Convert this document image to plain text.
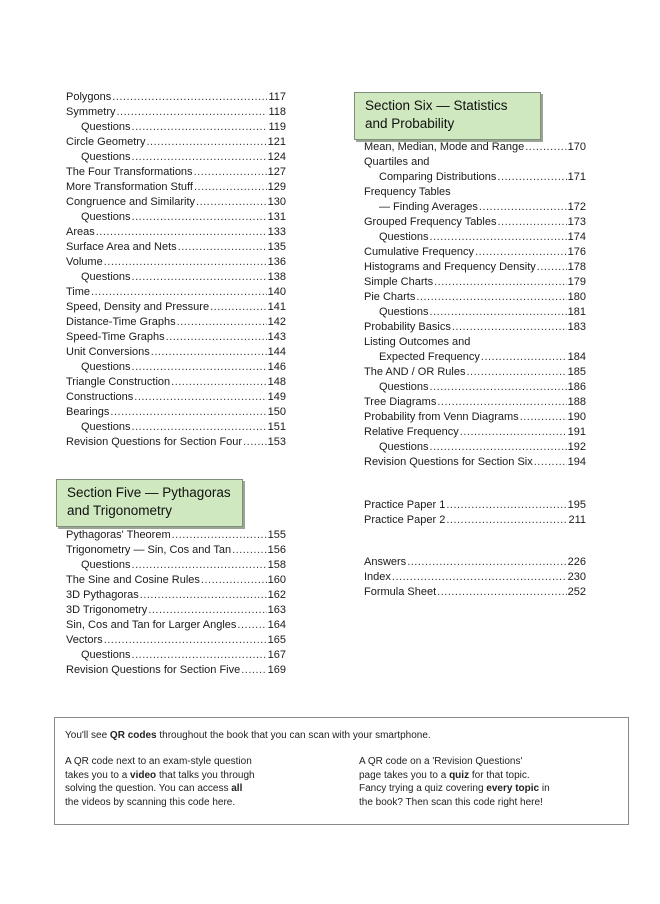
Polygons .....	117
Symmetry .....	118
Questions .....	119
Circle Geometry .....	121
Questions .....	124
The Four Transformations .....	127
More Transformation Stuff .....	129
Congruence and Similarity .....	130
Questions .....	131
Areas .....	133
Surface Area and Nets .....	135
Volume .....	136
Questions .....	138
Time .....	140
Speed, Density and Pressure .....	141
Distance-Time Graphs .....	142
Speed-Time Graphs .....	143
Unit Conversions .....	144
Questions .....	146
Triangle Construction .....	148
Constructions .....	149
Bearings .....	150
Questions .....	151
Revision Questions for Section Four ..... 153
Section Five — Pythagoras
and Trigonometry
Pythagoras' Theorem .....	155
Trigonometry — Sin, Cos and Tan .....	156
Questions .....	158
The Sine and Cosine Rules .....	160
3D Pythagoras .....	162
3D Trigonometry .....	163
Sin, Cos and Tan for Larger Angles .....	164
Vectors .....	165
Questions .....	167
Revision Questions for Section Five ..... 169
Section Six — Statistics
and Probability
Mean, Median, Mode and Range .....	170
Quartiles and
Comparing Distributions .....	171
Frequency Tables
— Finding Averages .....	172
Grouped Frequency Tables .....	173
Questions .....	174
Cumulative Frequency .....	176
Histograms and Frequency Density .....	178
Simple Charts .....	179
Pie Charts .....	180
Questions .....	181
Probability Basics .....	183
Listing Outcomes and
Expected Frequency .....	184
The AND / OR Rules .....	185
Questions .....	186
Tree Diagrams .....	188
Probability from Venn Diagrams .....	190
Relative Frequency .....	191
Questions .....	192
Revision Questions for Section Six .....	194
Practice Paper 1 .....	195
Practice Paper 2 .....	211
Answers .....	226
Index .....	230
Formula Sheet .....	252
You'll see QR codes throughout the book that you can scan with your smartphone.
A QR code next to an exam-style question
takes you to a video that talks you through
solving the question. You can access all
the videos by scanning this code here.
A QR code on a 'Revision Questions'
page takes you to a quiz for that topic.
Fancy trying a quiz covering every topic in
the book? Then scan this code right here!
